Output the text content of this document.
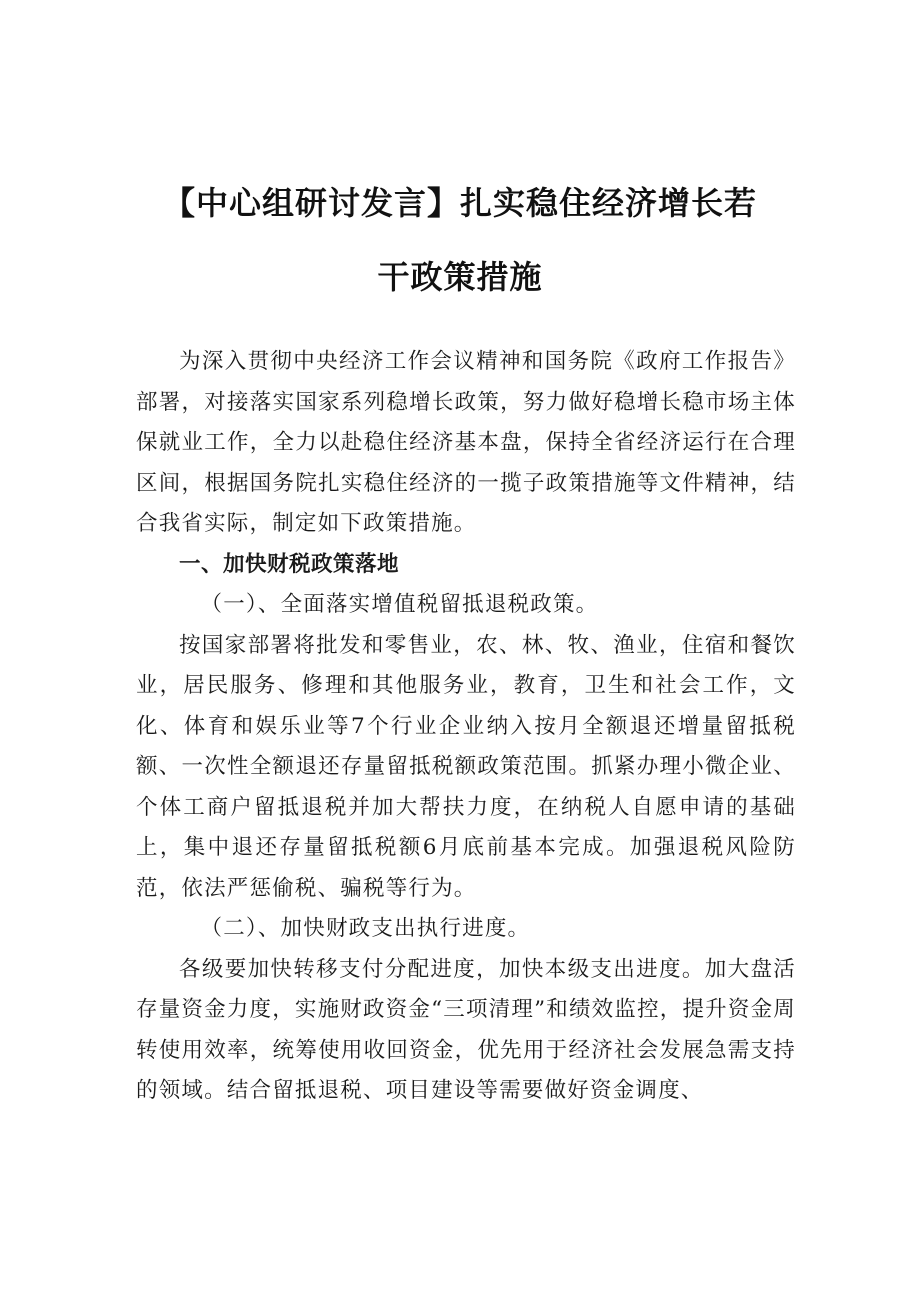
【中心组研讨发言】扎实稳住经济增长若
干政策措施

为深入贯彻中央经济工作会议精神和国务院《政府工作报告》部署，对接落实国家系列稳增长政策，努力做好稳增长稳市场主体保就业工作，全力以赴稳住经济基本盘，保持全省经济运行在合理区间，根据国务院扎实稳住经济的一揽子政策措施等文件精神，结合我省实际，制定如下政策措施。

一、加快财税政策落地

（一）、全面落实增值税留抵退税政策。

按国家部署将批发和零售业，农、林、牧、渔业，住宿和餐饮业，居民服务、修理和其他服务业，教育，卫生和社会工作，文化、体育和娱乐业等7个行业企业纳入按月全额退还增量留抵税额、一次性全额退还存量留抵税额政策范围。抓紧办理小微企业、个体工商户留抵退税并加大帮扶力度，在纳税人自愿申请的基础上，集中退还存量留抵税额6月底前基本完成。加强退税风险防范，依法严惩偷税、骗税等行为。

（二）、加快财政支出执行进度。

各级要加快转移支付分配进度，加快本级支出进度。加大盘活存量资金力度，实施财政资金“三项清理”和绩效监控，提升资金周转使用效率，统筹使用收回资金，优先用于经济社会发展急需支持的领域。结合留抵退税、项目建设等需要做好资金调度、
